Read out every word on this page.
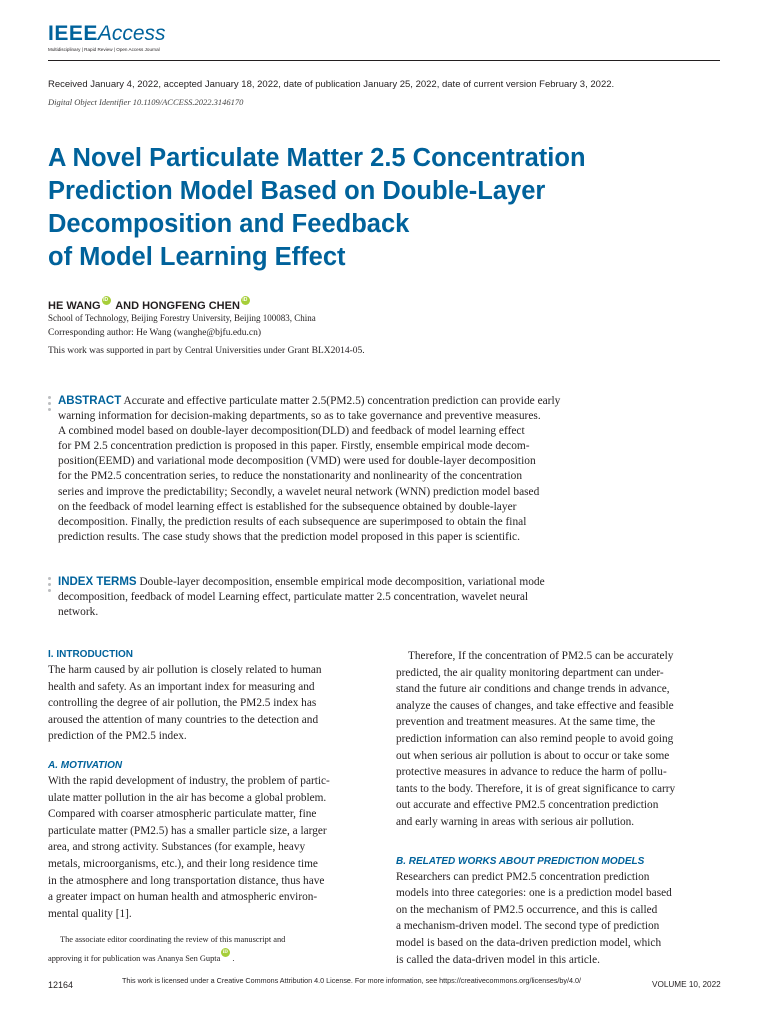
IEEEAccess
Multidisciplinary | Rapid Review | Open Access Journal
Received January 4, 2022, accepted January 18, 2022, date of publication January 25, 2022, date of current version February 3, 2022.
Digital Object Identifier 10.1109/ACCESS.2022.3146170
A Novel Particulate Matter 2.5 Concentration
Prediction Model Based on Double-Layer
Decomposition and Feedback
of Model Learning Effect
HE WANGiD AND HONGFENG CHENiD
School of Technology, Beijing Forestry University, Beijing 100083, China
Corresponding author: He Wang (wanghe@bjfu.edu.cn)
This work was supported in part by Central Universities under Grant BLX2014-05.
ABSTRACT Accurate and effective particulate matter 2.5(PM2.5) concentration prediction can provide early
warning information for decision-making departments, so as to take governance and preventive measures.
A combined model based on double-layer decomposition(DLD) and feedback of model learning effect
for PM 2.5 concentration prediction is proposed in this paper. Firstly, ensemble empirical mode decom-
position(EEMD) and variational mode decomposition (VMD) were used for double-layer decomposition
for the PM2.5 concentration series, to reduce the nonstationarity and nonlinearity of the concentration
series and improve the predictability; Secondly, a wavelet neural network (WNN) prediction model based
on the feedback of model learning effect is established for the subsequence obtained by double-layer
decomposition. Finally, the prediction results of each subsequence are superimposed to obtain the final
prediction results. The case study shows that the prediction model proposed in this paper is scientific.
INDEX TERMS Double-layer decomposition, ensemble empirical mode decomposition, variational mode
decomposition, feedback of model Learning effect, particulate matter 2.5 concentration, wavelet neural
network.
I. INTRODUCTION
The harm caused by air pollution is closely related to human
health and safety. As an important index for measuring and
controlling the degree of air pollution, the PM2.5 index has
aroused the attention of many countries to the detection and
prediction of the PM2.5 index.
A. MOTIVATION
With the rapid development of industry, the problem of partic-
ulate matter pollution in the air has become a global problem.
Compared with coarser atmospheric particulate matter, fine
particulate matter (PM2.5) has a smaller particle size, a larger
area, and strong activity. Substances (for example, heavy
metals, microorganisms, etc.), and their long residence time
in the atmosphere and long transportation distance, thus have
a greater impact on human health and atmospheric environ-
mental quality [1].
The associate editor coordinating the review of this manuscript and
approving it for publication was Ananya Sen GuptaiD .
Therefore, If the concentration of PM2.5 can be accurately
predicted, the air quality monitoring department can under-
stand the future air conditions and change trends in advance,
analyze the causes of changes, and take effective and feasible
prevention and treatment measures. At the same time, the
prediction information can also remind people to avoid going
out when serious air pollution is about to occur or take some
protective measures in advance to reduce the harm of pollu-
tants to the body. Therefore, it is of great significance to carry
out accurate and effective PM2.5 concentration prediction
and early warning in areas with serious air pollution.
B. RELATED WORKS ABOUT PREDICTION MODELS
Researchers can predict PM2.5 concentration prediction
models into three categories: one is a prediction model based
on the mechanism of PM2.5 occurrence, and this is called
a mechanism-driven model. The second type of prediction
model is based on the data-driven prediction model, which
is called the data-driven model in this article.
12164	This work is licensed under a Creative Commons Attribution 4.0 License. For more information, see https://creativecommons.org/licenses/by/4.0/	VOLUME 10, 2022
